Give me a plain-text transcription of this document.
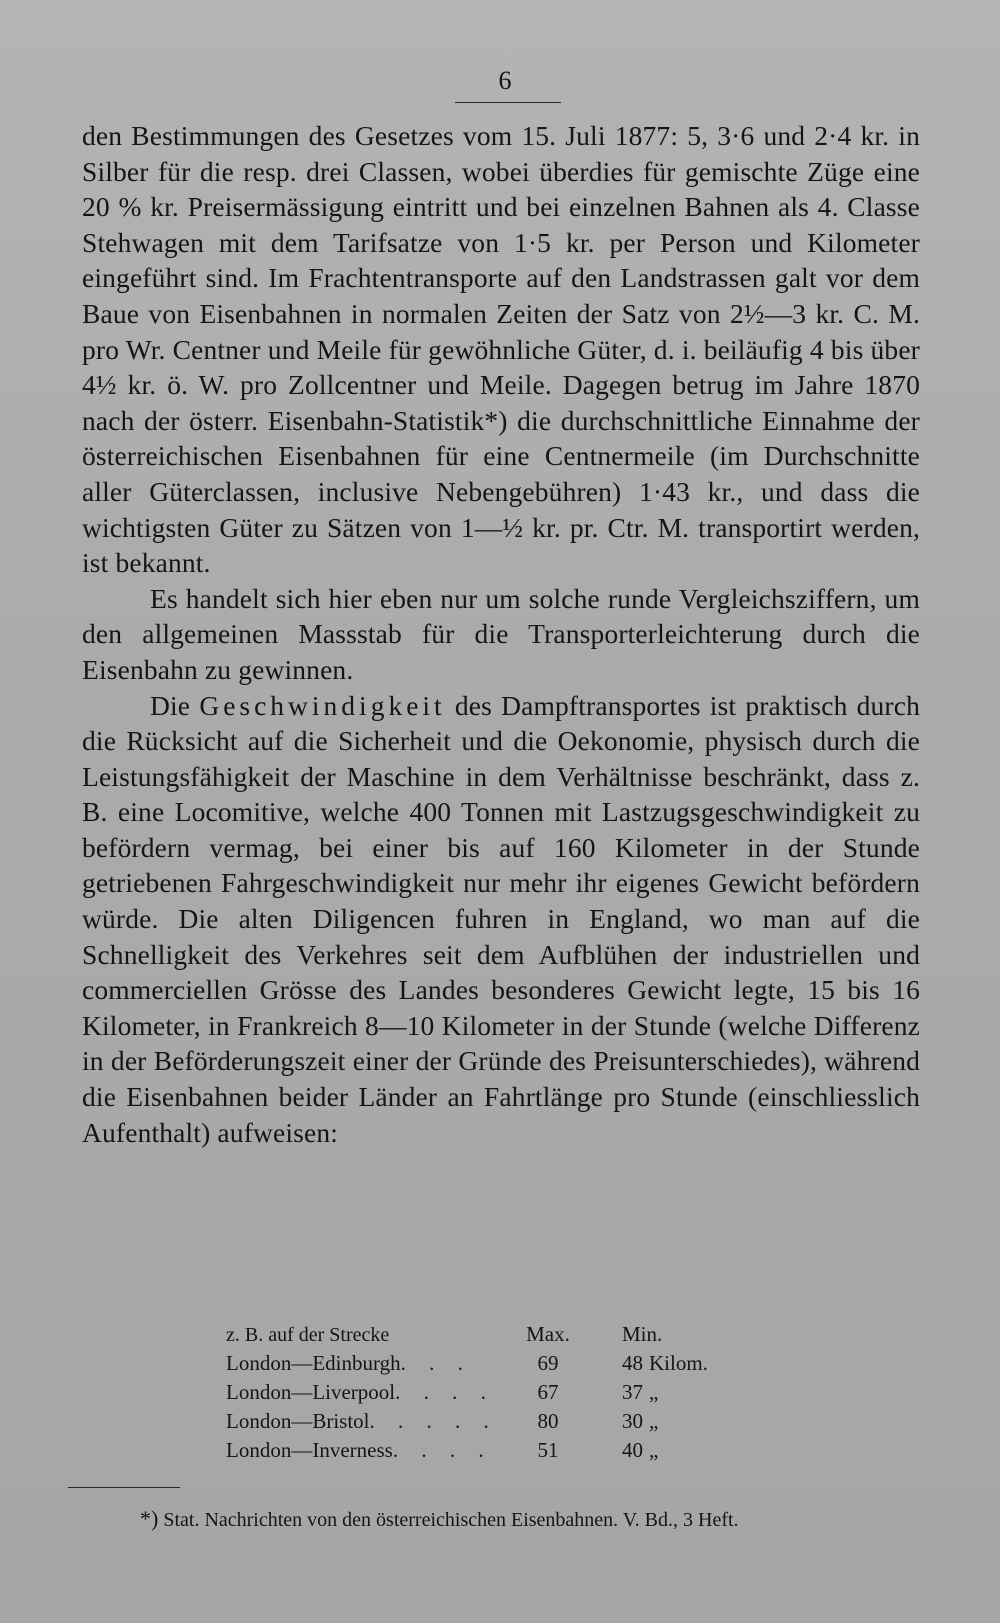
6

den Bestimmungen des Gesetzes vom 15. Juli 1877: 5, 3·6 und 2·4 kr. in Silber für die resp. drei Classen, wobei überdies für gemischte Züge eine 20 % kr. Preisermässigung eintritt und bei einzelnen Bahnen als 4. Classe Stehwagen mit dem Tarifsatze von 1·5 kr. per Person und Kilometer eingeführt sind. Im Frachtentransporte auf den Landstrassen galt vor dem Baue von Eisenbahnen in normalen Zeiten der Satz von 2½—3 kr. C. M. pro Wr. Centner und Meile für gewöhnliche Güter, d. i. beiläufig 4 bis über 4½ kr. ö. W. pro Zollcentner und Meile. Dagegen betrug im Jahre 1870 nach der österr. Eisenbahn-Statistik*) die durchschnittliche Einnahme der österreichischen Eisenbahnen für eine Centnermeile (im Durchschnitte aller Güterclassen, inclusive Nebengebühren) 1·43 kr., und dass die wichtigsten Güter zu Sätzen von 1—½ kr. pr. Ctr. M. transportirt werden, ist bekannt.

Es handelt sich hier eben nur um solche runde Vergleichsziffern, um den allgemeinen Massstab für die Transporterleichterung durch die Eisenbahn zu gewinnen.

Die Geschwindigkeit des Dampftransportes ist praktisch durch die Rücksicht auf die Sicherheit und die Oekonomie, physisch durch die Leistungsfähigkeit der Maschine in dem Verhältnisse beschränkt, dass z. B. eine Locomitive, welche 400 Tonnen mit Lastzugsgeschwindigkeit zu befördern vermag, bei einer bis auf 160 Kilometer in der Stunde getriebenen Fahrgeschwindigkeit nur mehr ihr eigenes Gewicht befördern würde. Die alten Diligencen fuhren in England, wo man auf die Schnelligkeit des Verkehres seit dem Aufblühen der industriellen und commerciellen Grösse des Landes besonderes Gewicht legte, 15 bis 16 Kilometer, in Frankreich 8—10 Kilometer in der Stunde (welche Differenz in der Beförderungszeit einer der Gründe des Preisunterschiedes), während die Eisenbahnen beider Länder an Fahrtlänge pro Stunde (einschliesslich Aufenthalt) aufweisen:

z. B. auf der Strecke	Max.	Min.
London—Edinburgh. . .	69	48 Kilom.
London—Liverpool. . . .	67	37 „
London—Bristol. . . . .	80	30 „
London—Inverness. . . .	51	40 „
*) Stat. Nachrichten von den österreichischen Eisenbahnen. V. Bd., 3 Heft.
